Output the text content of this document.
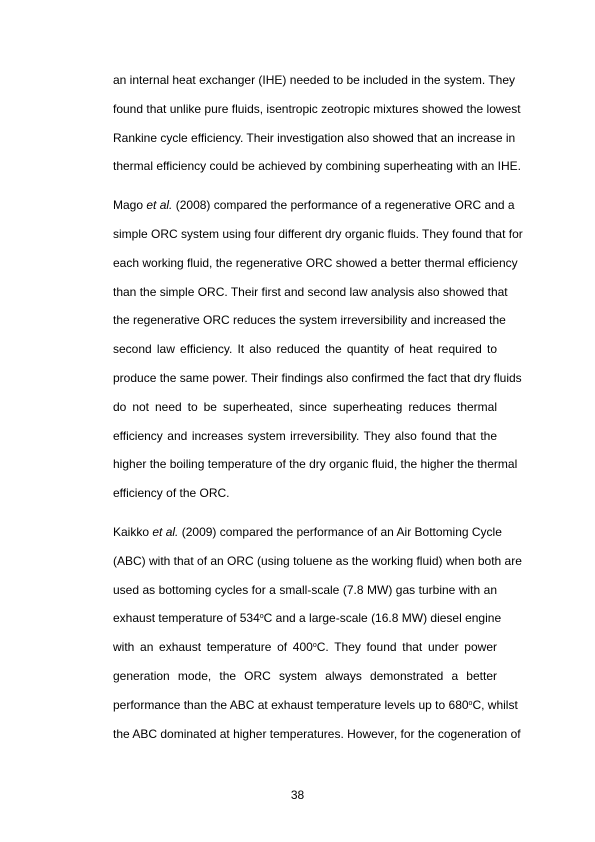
an internal heat exchanger (IHE) needed to be included in the system. They
found that unlike pure fluids, isentropic zeotropic mixtures showed the lowest
Rankine cycle efficiency. Their investigation also showed that an increase in
thermal efficiency could be achieved by combining superheating with an IHE.
Mago et al. (2008) compared the performance of a regenerative ORC and a
simple ORC system using four different dry organic fluids. They found that for
each working fluid, the regenerative ORC showed a better thermal efficiency
than the simple ORC. Their first and second law analysis also showed that
the regenerative ORC reduces the system irreversibility and increased the
second law efficiency. It also reduced the quantity of heat required to
produce the same power. Their findings also confirmed the fact that dry fluids
do not need to be superheated, since superheating reduces thermal
efficiency and increases system irreversibility. They also found that the
higher the boiling temperature of the dry organic fluid, the higher the thermal
efficiency of the ORC.
Kaikko et al. (2009) compared the performance of an Air Bottoming Cycle
(ABC) with that of an ORC (using toluene as the working fluid) when both are
used as bottoming cycles for a small-scale (7.8 MW) gas turbine with an
exhaust temperature of 534$^o$C and a large-scale (16.8 MW) diesel engine
with an exhaust temperature of 400$^o$C. They found that under power
generation mode, the ORC system always demonstrated a better
performance than the ABC at exhaust temperature levels up to 680$^o$C, whilst
the ABC dominated at higher temperatures. However, for the cogeneration of
38
